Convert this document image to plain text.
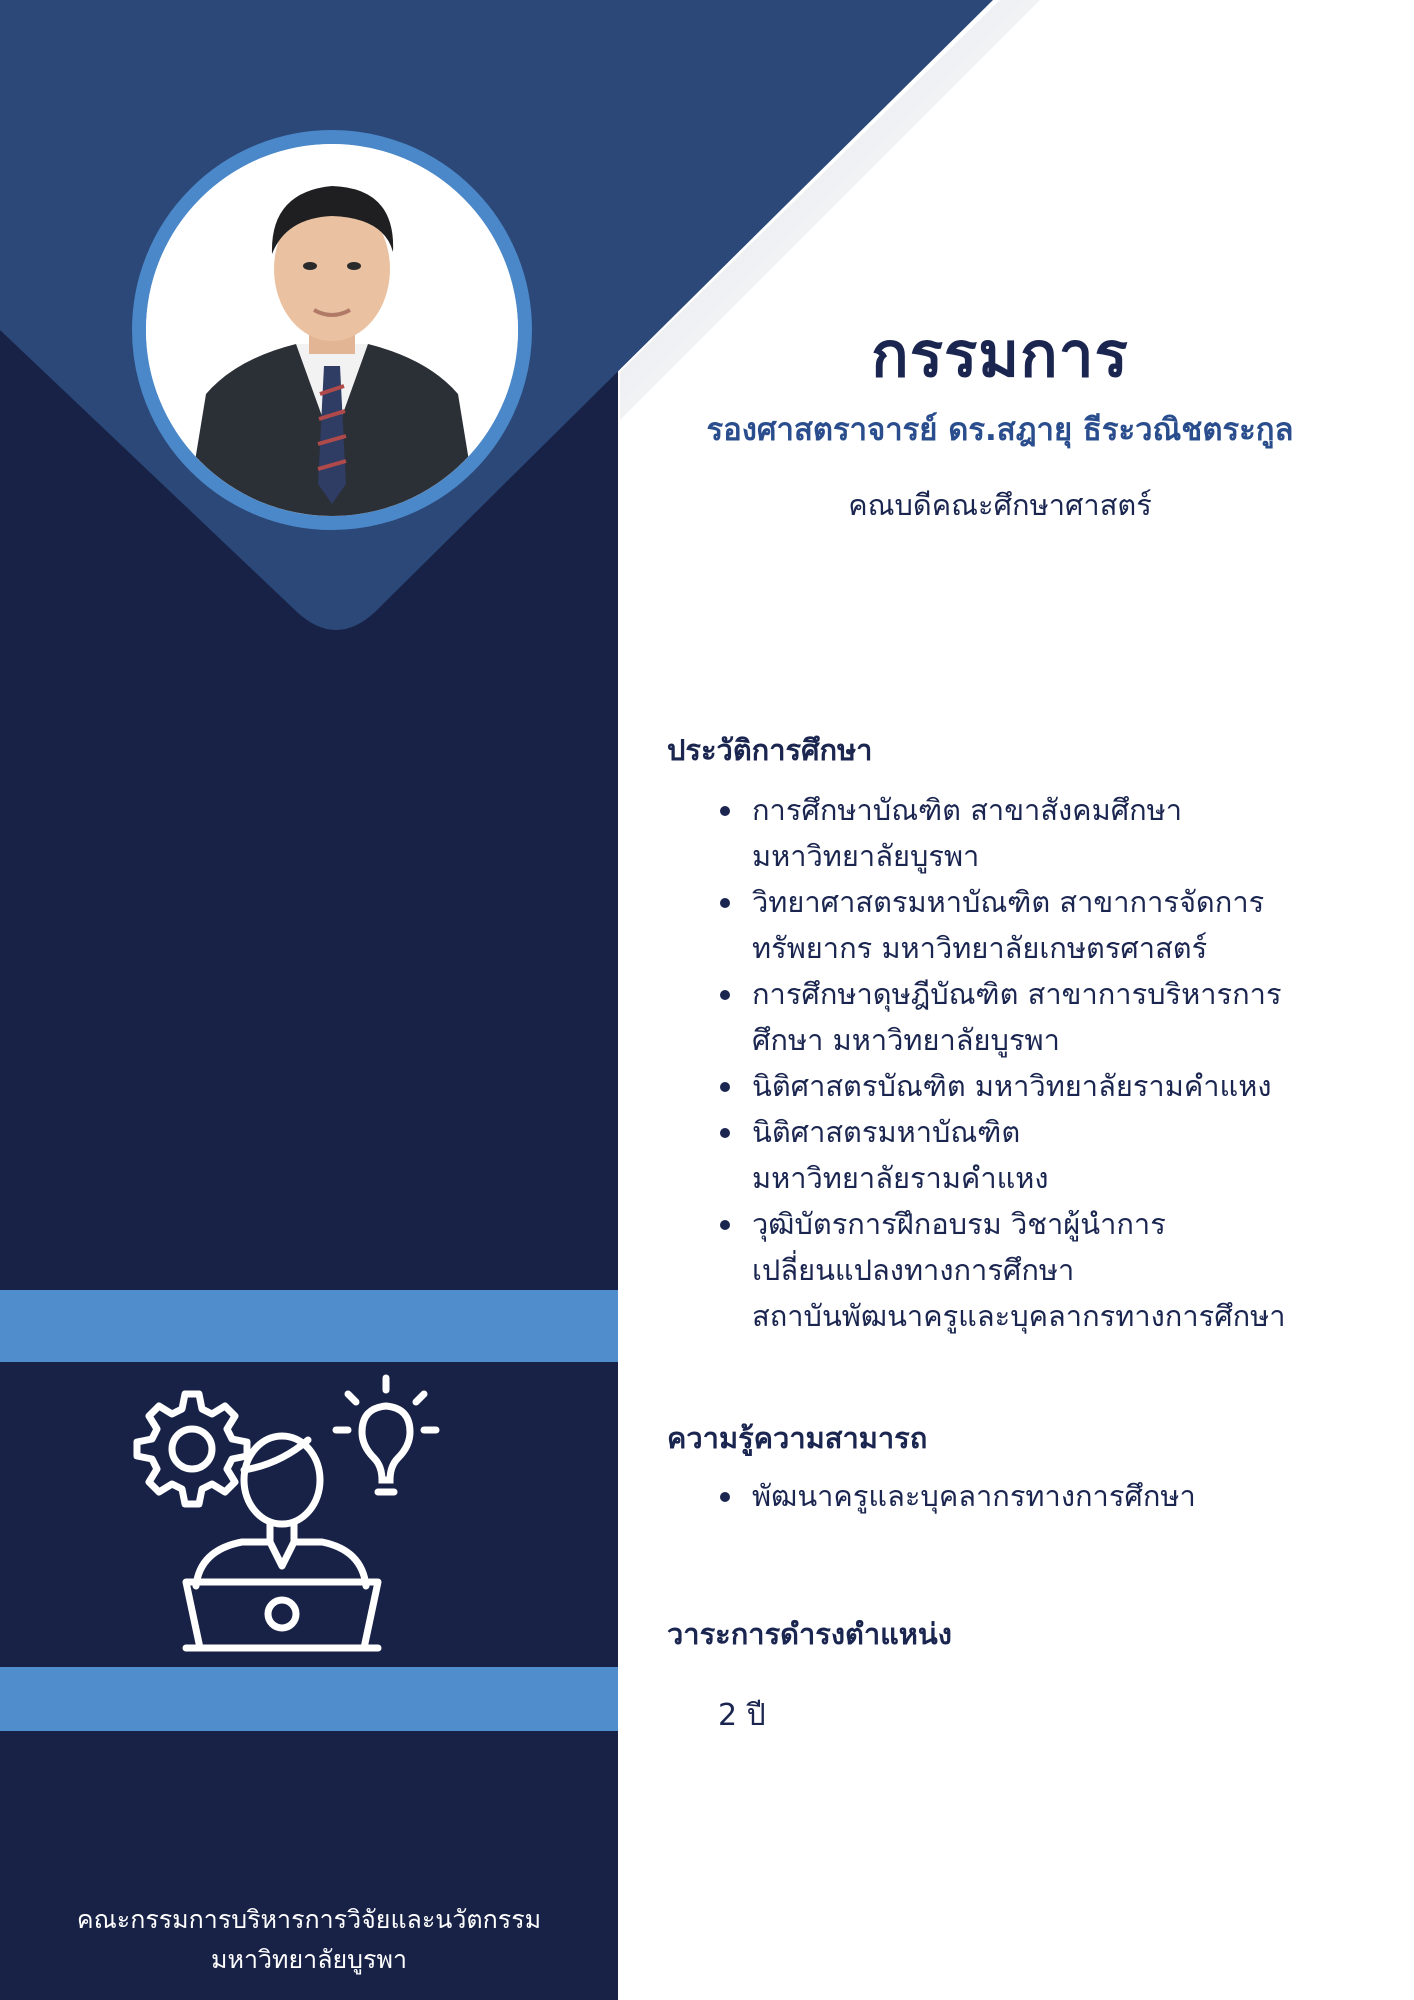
กรรมการ
รองศาสตราจารย์ ดร.สฎายุ ธีระวณิชตระกูล
คณบดีคณะศึกษาศาสตร์
ประวัติการศึกษา
การศึกษาบัณฑิต สาขาสังคมศึกษา
มหาวิทยาลัยบูรพา
วิทยาศาสตรมหาบัณฑิต สาขาการจัดการ
ทรัพยากร มหาวิทยาลัยเกษตรศาสตร์
การศึกษาดุษฎีบัณฑิต สาขาการบริหารการ
ศึกษา มหาวิทยาลัยบูรพา
นิติศาสตรบัณฑิต มหาวิทยาลัยรามคำแหง
นิติศาสตรมหาบัณฑิต
มหาวิทยาลัยรามคำแหง
วุฒิบัตรการฝึกอบรม วิชาผู้นำการ
เปลี่ยนแปลงทางการศึกษา
สถาบันพัฒนาครูและบุคลากรทางการศึกษา
ความรู้ความสามารถ
พัฒนาครูและบุคลากรทางการศึกษา
วาระการดำรงตำแหน่ง
2 ปี
คณะกรรมการบริหารการวิจัยและนวัตกรรม
มหาวิทยาลัยบูรพา
